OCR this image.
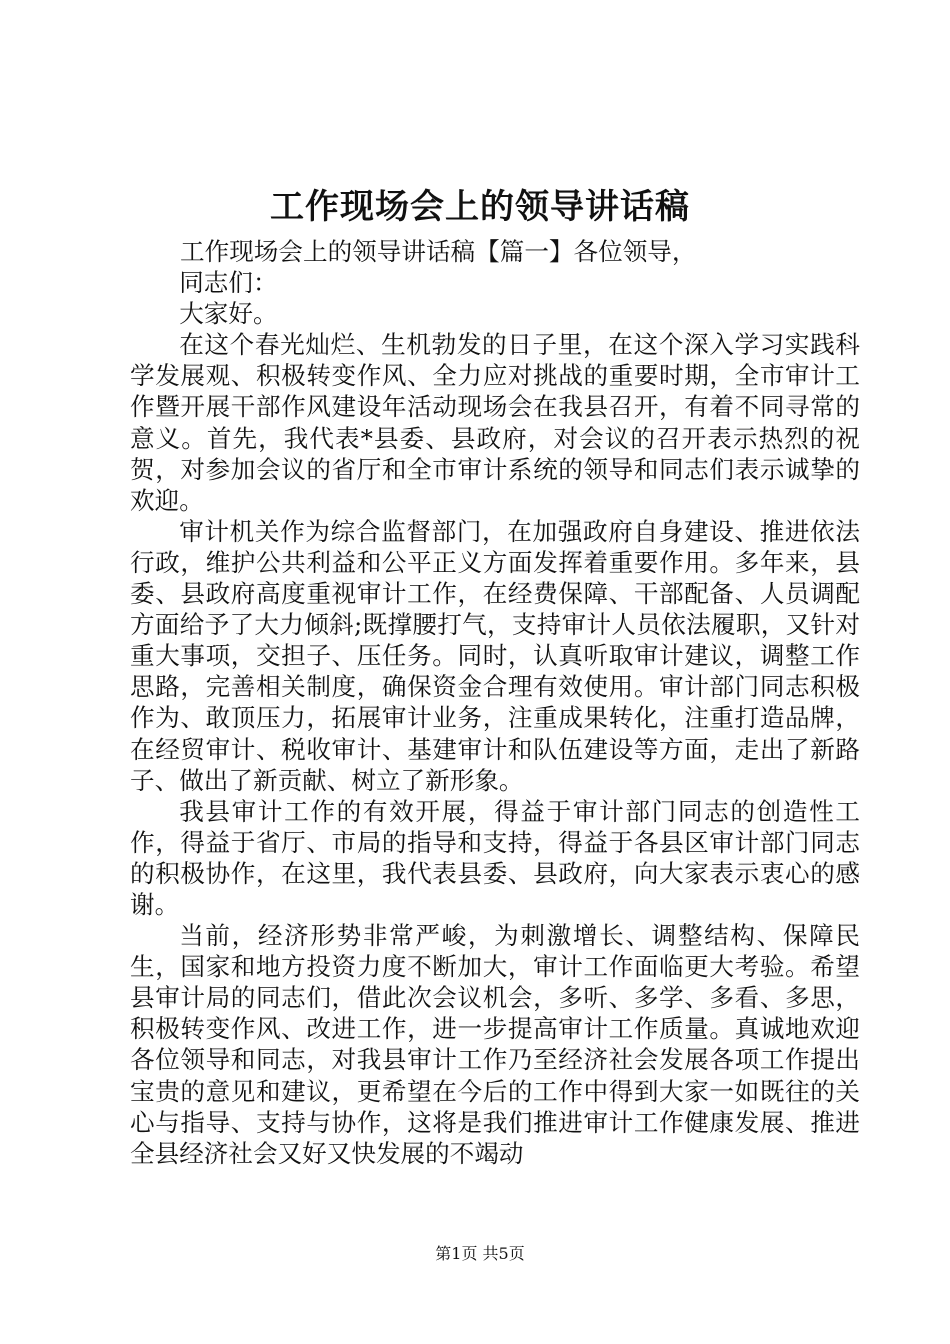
工作现场会上的领导讲话稿

工作现场会上的领导讲话稿【篇一】各位领导，

同志们：

大家好。

在这个春光灿烂、生机勃发的日子里，在这个深入学习实践科学发展观、积极转变作风、全力应对挑战的重要时期，全市审计工作暨开展干部作风建设年活动现场会在我县召开，有着不同寻常的意义。首先，我代表*县委、县政府，对会议的召开表示热烈的祝贺，对参加会议的省厅和全市审计系统的领导和同志们表示诚挚的欢迎。

审计机关作为综合监督部门，在加强政府自身建设、推进依法行政，维护公共利益和公平正义方面发挥着重要作用。多年来，县委、县政府高度重视审计工作，在经费保障、干部配备、人员调配方面给予了大力倾斜;既撑腰打气，支持审计人员依法履职，又针对重大事项，交担子、压任务。同时，认真听取审计建议，调整工作思路，完善相关制度，确保资金合理有效使用。审计部门同志积极作为、敢顶压力，拓展审计业务，注重成果转化，注重打造品牌，在经贸审计、税收审计、基建审计和队伍建设等方面，走出了新路子、做出了新贡献、树立了新形象。

我县审计工作的有效开展，得益于审计部门同志的创造性工作，得益于省厅、市局的指导和支持，得益于各县区审计部门同志的积极协作，在这里，我代表县委、县政府，向大家表示衷心的感谢。

当前，经济形势非常严峻，为刺激增长、调整结构、保障民生，国家和地方投资力度不断加大，审计工作面临更大考验。希望县审计局的同志们，借此次会议机会，多听、多学、多看、多思，积极转变作风、改进工作，进一步提高审计工作质量。真诚地欢迎各位领导和同志，对我县审计工作乃至经济社会发展各项工作提出宝贵的意见和建议，更希望在今后的工作中得到大家一如既往的关心与指导、支持与协作，这将是我们推进审计工作健康发展、推进全县经济社会又好又快发展的不竭动

第1页 共5页
